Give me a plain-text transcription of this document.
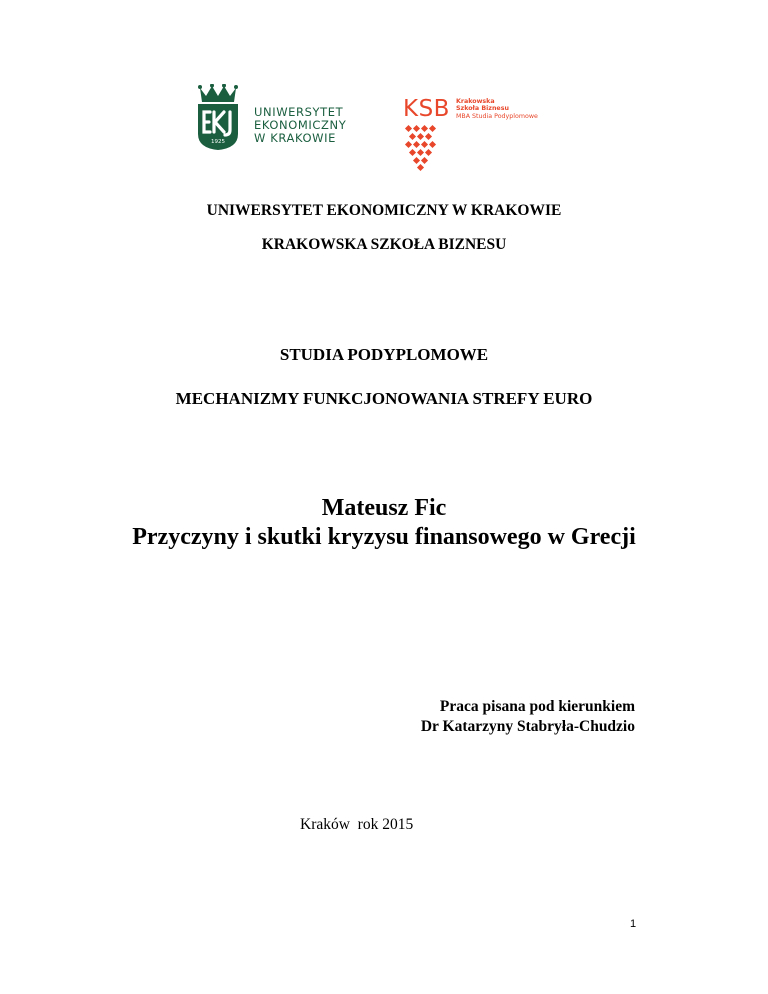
1925
UNIWERSYTET
EKONOMICZNY
W KRAKOWIE
KSB Krakowska
Szkoła Biznesu
MBA Studia Podyplomowe
UNIWERSYTET EKONOMICZNY W KRAKOWIE
KRAKOWSKA SZKOŁA BIZNESU
STUDIA PODYPLOMOWE
MECHANIZMY FUNKCJONOWANIA STREFY EURO
Mateusz Fic
Przyczyny i skutki kryzysu finansowego w Grecji
Praca pisana pod kierunkiem
Dr Katarzyny Stabryła-Chudzio
Kraków  rok 2015
1
